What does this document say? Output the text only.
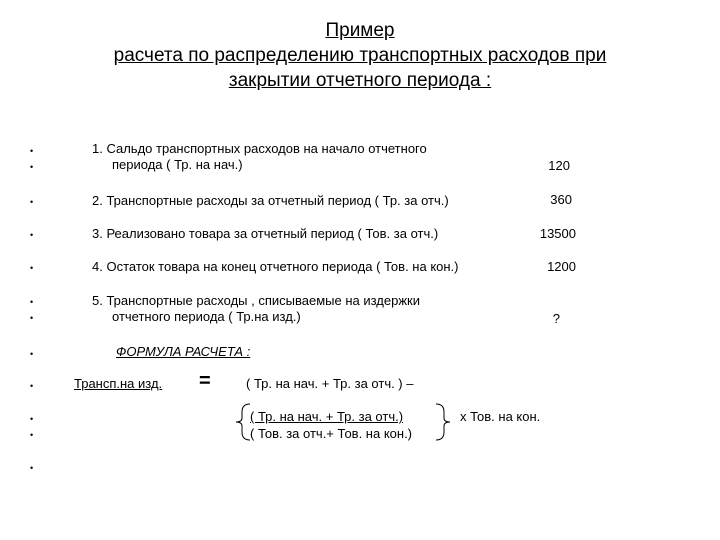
Пример
расчета по распределению транспортных расходов при
закрытии отчетного периода :
•
•
•
•
•
•
•
•
•
•
•
•
1. Сальдо транспортных расходов на начало отчетного
периода ( Тр. на нач.)	120
2. Транспортные расходы за отчетный период ( Тр. за отч.)	360
3. Реализовано товара за отчетный период ( Тов. за отч.)	13500
4. Остаток товара на конец отчетного периода ( Тов. на кон.)	1200
5. Транспортные расходы , списываемые на издержки
отчетного периода ( Тр.на изд.)	?
ФОРМУЛА РАСЧЕТА :
Трансп.на изд. =	( Тр. на нач. + Тр. за отч. ) –
( Тр. на нач. + Тр. за отч.)
( Тов. за отч.+ Тов. на кон.)
х Тов. на кон.
